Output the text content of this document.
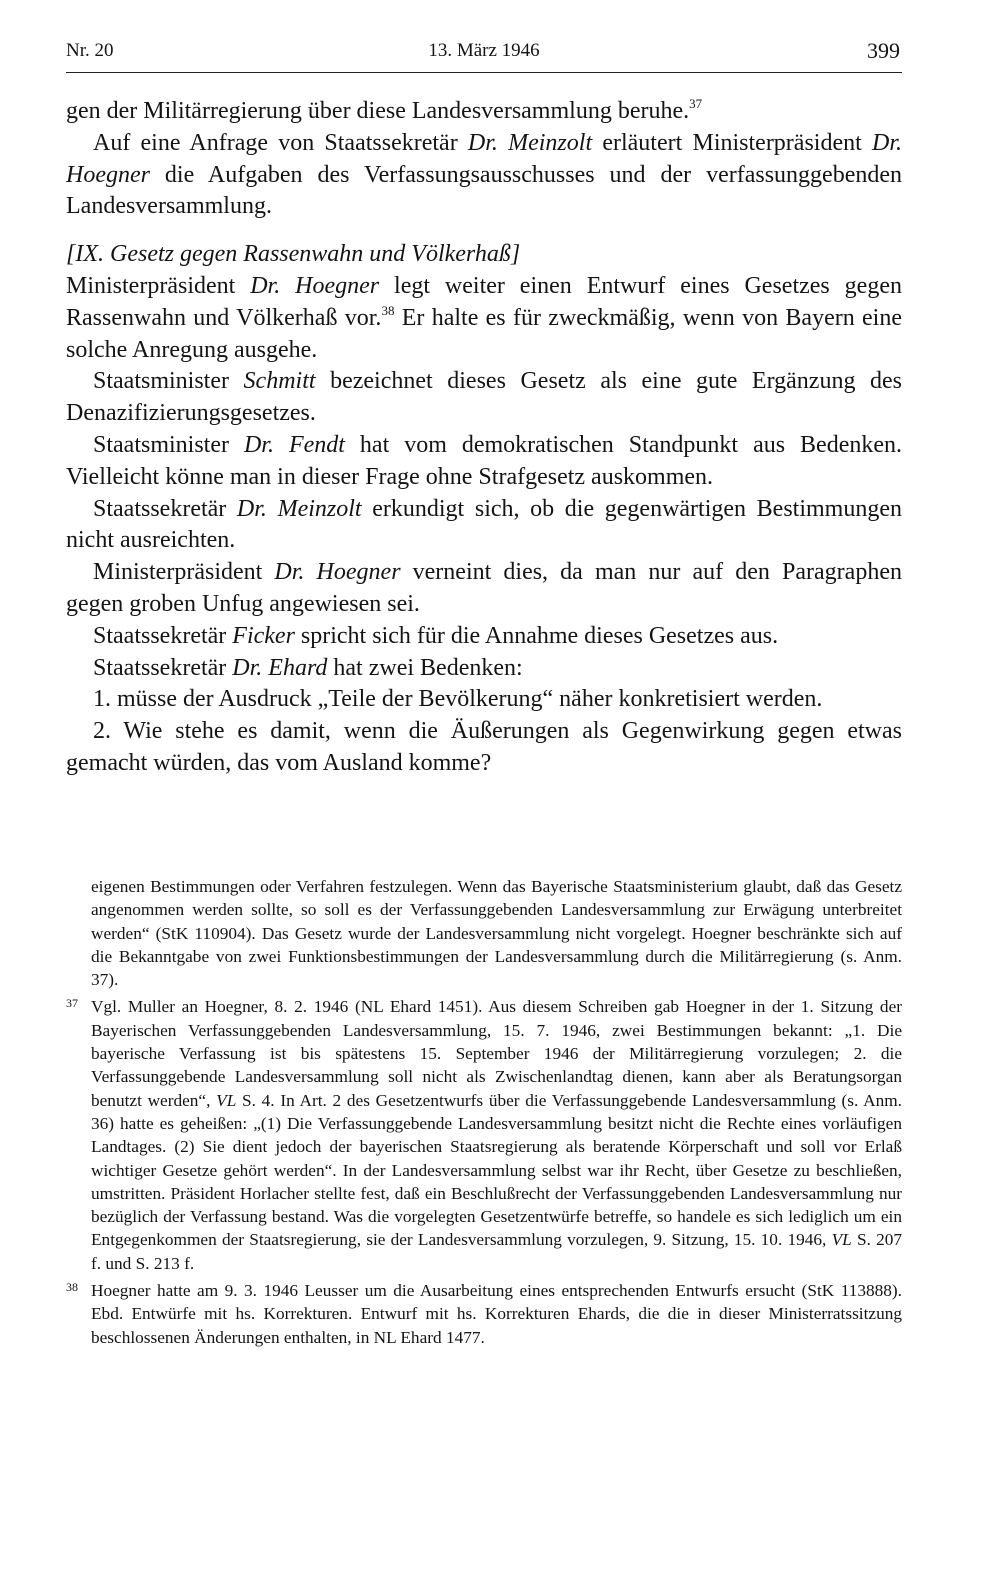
Nr. 20	13. März 1946	399

gen der Militärregierung über diese Landesversammlung beruhe.$^{37}$

Auf eine Anfrage von Staatssekretär Dr. Meinzolt erläutert Ministerpräsident Dr. Hoegner die Aufgaben des Verfassungsausschusses und der verfassunggebenden Landesversammlung.

[IX. Gesetz gegen Rassenwahn und Völkerhaß]

Ministerpräsident Dr. Hoegner legt weiter einen Entwurf eines Gesetzes gegen Rassenwahn und Völkerhaß vor.$^{38}$ Er halte es für zweckmäßig, wenn von Bayern eine solche Anregung ausgehe.

Staatsminister Schmitt bezeichnet dieses Gesetz als eine gute Ergänzung des Denazifizierungsgesetzes.

Staatsminister Dr. Fendt hat vom demokratischen Standpunkt aus Bedenken. Vielleicht könne man in dieser Frage ohne Strafgesetz auskommen.

Staatssekretär Dr. Meinzolt erkundigt sich, ob die gegenwärtigen Bestimmungen nicht ausreichten.

Ministerpräsident Dr. Hoegner verneint dies, da man nur auf den Paragraphen gegen groben Unfug angewiesen sei.

Staatssekretär Ficker spricht sich für die Annahme dieses Gesetzes aus.

Staatssekretär Dr. Ehard hat zwei Bedenken:

1. müsse der Ausdruck „Teile der Bevölkerung“ näher konkretisiert werden.

2. Wie stehe es damit, wenn die Äußerungen als Gegenwirkung gegen etwas gemacht würden, das vom Ausland komme?

eigenen Bestimmungen oder Verfahren festzulegen. Wenn das Bayerische Staatsministerium glaubt, daß das Gesetz angenommen werden sollte, so soll es der Verfassunggebenden Landesversammlung zur Erwägung unterbreitet werden“ (StK 110904). Das Gesetz wurde der Landesversammlung nicht vorgelegt. Hoegner beschränkte sich auf die Bekanntgabe von zwei Funktionsbestimmungen der Landesversammlung durch die Militärregierung (s. Anm. 37).

37 Vgl. Muller an Hoegner, 8. 2. 1946 (NL Ehard 1451). Aus diesem Schreiben gab Hoegner in der 1. Sitzung der Bayerischen Verfassunggebenden Landesversammlung, 15. 7. 1946, zwei Bestimmungen bekannt: „1. Die bayerische Verfassung ist bis spätestens 15. September 1946 der Militärregierung vorzulegen; 2. die Verfassunggebende Landesversammlung soll nicht als Zwischenlandtag dienen, kann aber als Beratungsorgan benutzt werden“, VL S. 4. In Art. 2 des Gesetzentwurfs über die Verfassunggebende Landesversammlung (s. Anm. 36) hatte es geheißen: „(1) Die Verfassunggebende Landesversammlung besitzt nicht die Rechte eines vorläufigen Landtages. (2) Sie dient jedoch der bayerischen Staatsregierung als beratende Körperschaft und soll vor Erlaß wichtiger Gesetze gehört werden“. In der Landesversammlung selbst war ihr Recht, über Gesetze zu beschließen, umstritten. Präsident Horlacher stellte fest, daß ein Beschlußrecht der Verfassunggebenden Landesversammlung nur bezüglich der Verfassung bestand. Was die vorgelegten Gesetzentwürfe betreffe, so handele es sich lediglich um ein Entgegenkommen der Staatsregierung, sie der Landesversammlung vorzulegen, 9. Sitzung, 15. 10. 1946, VL S. 207 f. und S. 213 f.

38 Hoegner hatte am 9. 3. 1946 Leusser um die Ausarbeitung eines entsprechenden Entwurfs ersucht (StK 113888). Ebd. Entwürfe mit hs. Korrekturen. Entwurf mit hs. Korrekturen Ehards, die die in dieser Ministerratssitzung beschlossenen Änderungen enthalten, in NL Ehard 1477.
